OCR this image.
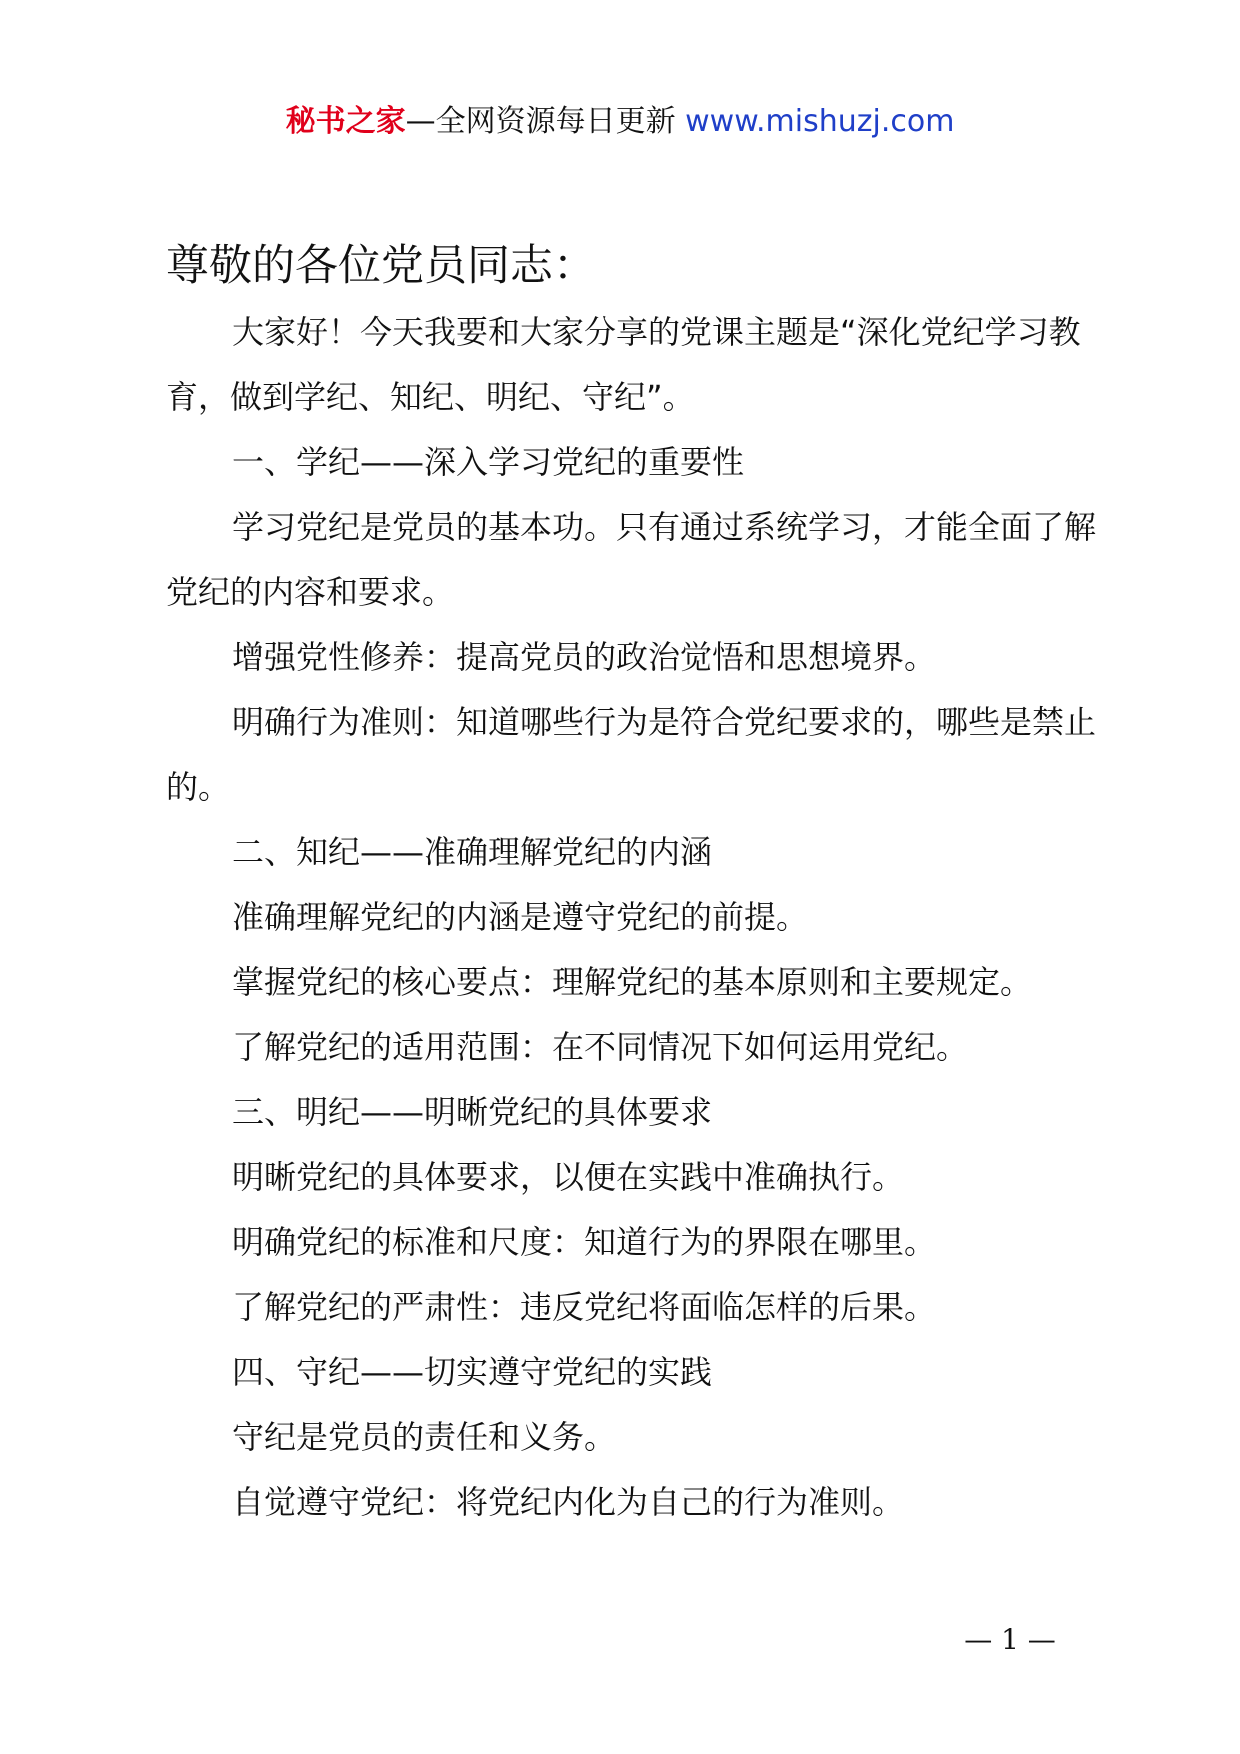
秘书之家—全网资源每日更新 www.mishuzj.com
尊敬的各位党员同志：

大家好！今天我要和大家分享的党课主题是“深化党纪学习教育，做到学纪、知纪、明纪、守纪”。

一、学纪——深入学习党纪的重要性

学习党纪是党员的基本功。只有通过系统学习，才能全面了解党纪的内容和要求。

增强党性修养：提高党员的政治觉悟和思想境界。

明确行为准则：知道哪些行为是符合党纪要求的，哪些是禁止的。

二、知纪——准确理解党纪的内涵

准确理解党纪的内涵是遵守党纪的前提。

掌握党纪的核心要点：理解党纪的基本原则和主要规定。

了解党纪的适用范围：在不同情况下如何运用党纪。

三、明纪——明晰党纪的具体要求

明晰党纪的具体要求，以便在实践中准确执行。

明确党纪的标准和尺度：知道行为的界限在哪里。

了解党纪的严肃性：违反党纪将面临怎样的后果。

四、守纪——切实遵守党纪的实践

守纪是党员的责任和义务。

自觉遵守党纪：将党纪内化为自己的行为准则。

— 1 —
